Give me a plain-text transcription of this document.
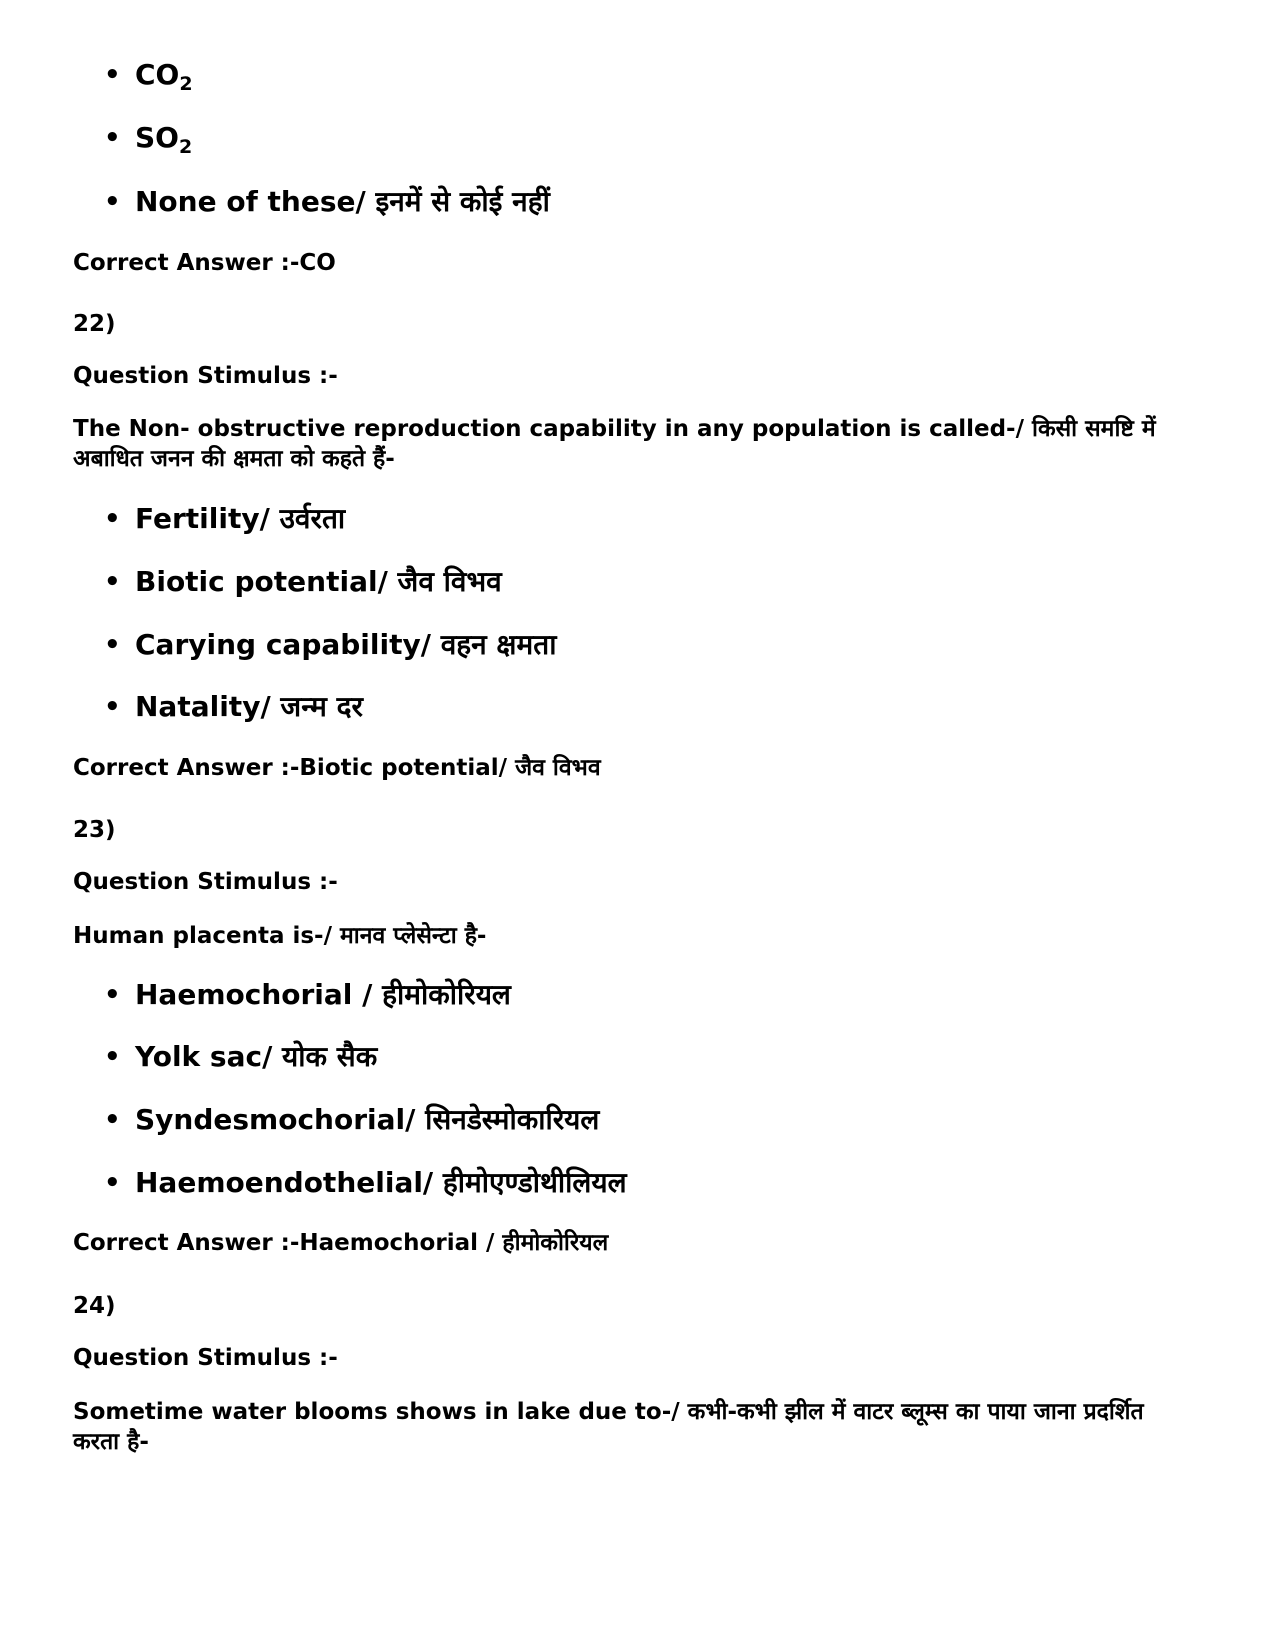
• $CO_2$
• $SO_2$
• None of these/ इनमें से कोई नहीं
Correct Answer :-CO
22)
Question Stimulus :-
The Non- obstructive reproduction capability in any population is called-/ किसी समष्टि में अबाधित जनन की क्षमता को कहते हैं-
• Fertility/ उर्वरता
• Biotic potential/ जैव विभव
• Carying capability/ वहन क्षमता
• Natality/ जन्म दर
Correct Answer :-Biotic potential/ जैव विभव
23)
Question Stimulus :-
Human placenta is-/ मानव प्लेसेन्टा है-
• Haemochorial / हीमोकोरियल
• Yolk sac/ योक सैक
• Syndesmochorial/ सिनडेस्मोकारियल
• Haemoendothelial/ हीमोएण्डोथीलियल
Correct Answer :-Haemochorial / हीमोकोरियल
24)
Question Stimulus :-
Sometime water blooms shows in lake due to-/ कभी-कभी झील में वाटर ब्लूम्स का पाया जाना प्रदर्शित करता है-
